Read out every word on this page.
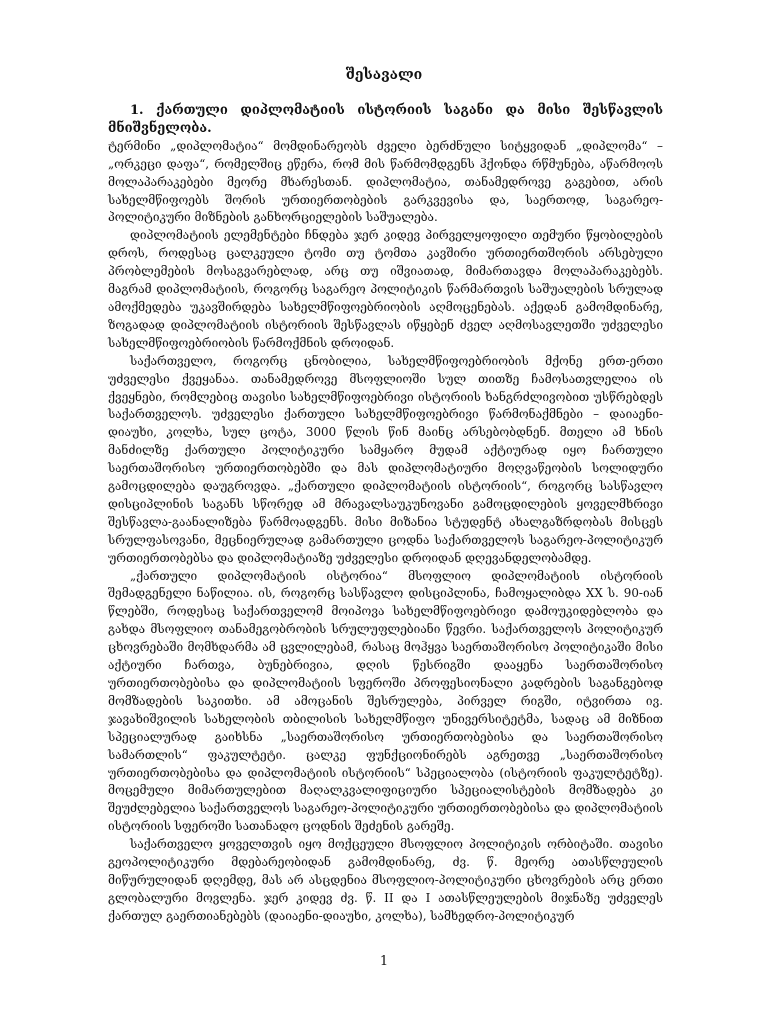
შესავალი

1. ქართული დიპლომატიის ისტორიის საგანი და მისი შესწავლის მნიშვნელობა.

ტერმინი „დიპლომატია“ მომდინარეობს ძველი ბერძნული სიტყვიდან „დიპლომა“ – „ორკეცი დაფა“, რომელშიც ეწერა, რომ მის წარმომდგენს ჰქონდა რწმუნება, აწარმოოს მოლაპარაკებები მეორე მხარესთან. დიპლომატია, თანამედროვე გაგებით, არის სახელმწიფოებს შორის ურთიერთობების გარკვევისა და, საერთოდ, საგარეო-პოლიტიკური მიზნების განხორციელების საშუალება.

დიპლომატიის ელემენტები ჩნდება ჯერ კიდევ პირველყოფილი თემური წყობილების დროს, როდესაც ცალკეული ტომი თუ ტომთა კავშირი ურთიერთშორის არსებული პრობლემების მოსაგვარებლად, არც თუ იშვიათად, მიმართავდა მოლაპარაკებებს. მაგრამ დიპლომატიის, როგორც საგარეო პოლიტიკის წარმართვის საშუალების სრულად ამოქმედება უკავშირდება სახელმწიფოებრიობის აღმოცენებას. აქედან გამომდინარე, ზოგადად დიპლომატიის ისტორიის შესწავლას იწყებენ ძველ აღმოსავლეთში უძველესი სახელმწიფოებრიობის წარმოქმნის დროიდან.

საქართველო, როგორც ცნობილია, სახელმწიფოებრიობის მქონე ერთ-ერთი უძველესი ქვეყანაა. თანამედროვე მსოფლიოში სულ თითზე ჩამოსათვლელია ის ქვეყნები, რომლებიც თავისი სახელმწიფოებრივი ისტორიის ხანგრძლივობით უსწრებდეს საქართველოს. უძველესი ქართული სახელმწიფოებრივი წარმონაქმნები – დაიაენი-დიაუხი, კოლხა, სულ ცოტა, 3000 წლის წინ მაინც არსებობდნენ. მთელი ამ ხნის მანძილზე ქართული პოლიტიკური სამყარო მუდამ აქტიურად იყო ჩართული საერთაშორისო ურთიერთობებში და მას დიპლომატიური მოღვაწეობის სოლიდური გამოცდილება დაუგროვდა. „ქართული დიპლომატიის ისტორიის“, როგორც სასწავლო დისციპლინის საგანს სწორედ ამ მრავალსაუკუნოვანი გამოცდილების ყოველმხრივი შესწავლა-გაანალიზება წარმოადგენს. მისი მიზანია სტუდენტ ახალგაზრდობას მისცეს სრულფასოვანი, მეცნიერულად გამართული ცოდნა საქართველოს საგარეო-პოლიტიკურ ურთიერთობებსა და დიპლომატიაზე უძველესი დროიდან დღევანდელობამდე.

„ქართული დიპლომატიის ისტორია“ მსოფლიო დიპლომატიის ისტორიის შემადგენელი ნაწილია. ის, როგორც სასწავლო დისციპლინა, ჩამოყალიბდა XX ს. 90-იან წლებში, როდესაც საქართველომ მოიპოვა სახელმწიფოებრივი დამოუკიდებლობა და გახდა მსოფლიო თანამეგობრობის სრულუფლებიანი წევრი. საქართველოს პოლიტიკურ ცხოვრებაში მომხდარმა ამ ცვლილებამ, რასაც მოჰყვა საერთაშორისო პოლიტიკაში მისი აქტიური ჩართვა, ბუნებრივია, დღის წესრიგში დააყენა საერთაშორისო ურთიერთობებისა და დიპლომატიის სფეროში პროფესიონალი კადრების საგანგებოდ მომზადების საკითხი. ამ ამოცანის შესრულება, პირველ რიგში, იტვირთა ივ. ჯავახიშვილის სახელობის თბილისის სახელმწიფო უნივერსიტეტმა, სადაც ამ მიზნით სპეციალურად გაიხსნა „საერთაშორისო ურთიერთობებისა და საერთაშორისო სამართლის“ ფაკულტეტი. ცალკე ფუნქციონირებს აგრეთვე „საერთაშორისო ურთიერთობებისა და დიპლომატიის ისტორიის“ სპეციალობა (ისტორიის ფაკულტეტზე). მოცემული მიმართულებით მაღალკვალიფიციური სპეციალისტების მომზადება კი შეუძლებელია საქართველოს საგარეო-პოლიტიკური ურთიერთობებისა და დიპლომატიის ისტორიის სფეროში სათანადო ცოდნის შეძენის გარეშე.

საქართველო ყოველთვის იყო მოქცეული მსოფლიო პოლიტიკის ორბიტაში. თავისი გეოპოლიტიკური მდებარეობიდან გამომდინარე, ძვ. წ. მეორე ათასწლეულის მიწურულიდან დღემდე, მას არ ასცდენია მსოფლიო-პოლიტიკური ცხოვრების არც ერთი გლობალური მოვლენა. ჯერ კიდევ ძვ. წ. II და I ათასწლეულების მიჯნაზე უძველეს ქართულ გაერთიანებებს (დაიაენი-დიაუხი, კოლხა), სამხედრო-პოლიტიკურ

1
